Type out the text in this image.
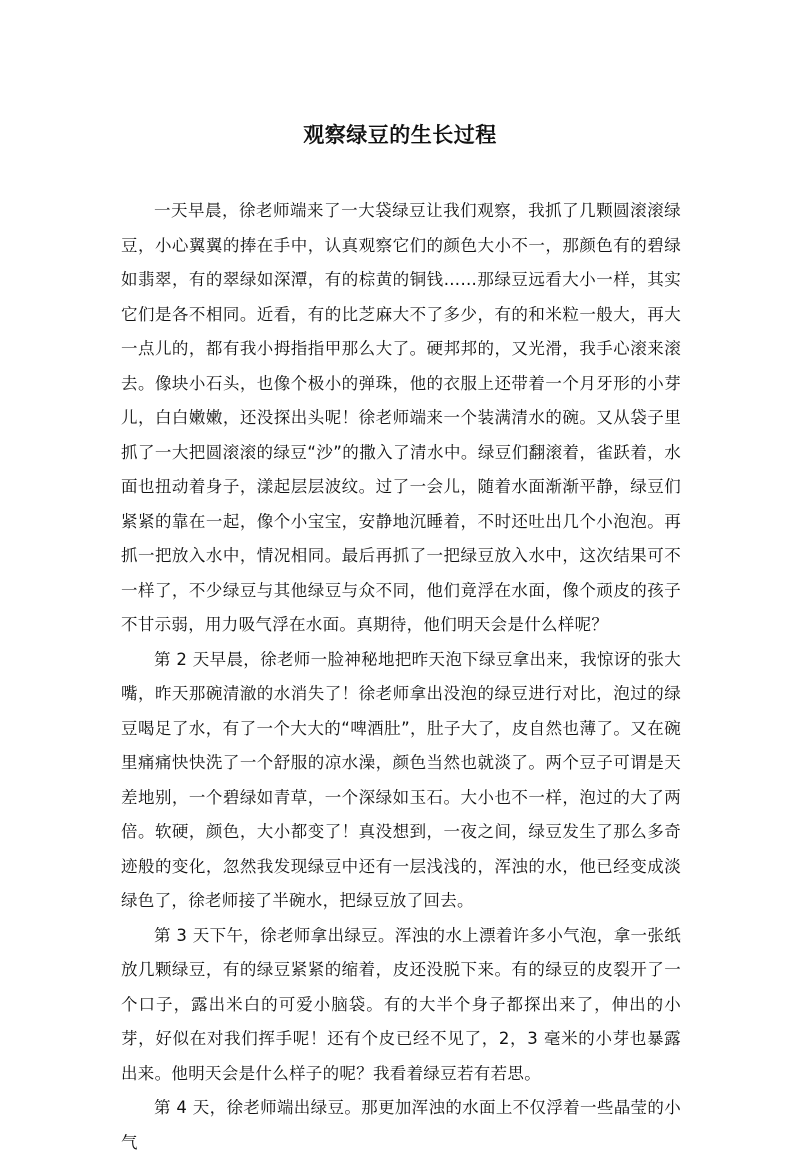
观察绿豆的生长过程

一天早晨，徐老师端来了一大袋绿豆让我们观察，我抓了几颗圆滚滚绿豆，小心翼翼的捧在手中，认真观察它们的颜色大小不一，那颜色有的碧绿如翡翠，有的翠绿如深潭，有的棕黄的铜钱……那绿豆远看大小一样，其实它们是各不相同。近看，有的比芝麻大不了多少，有的和米粒一般大，再大一点儿的，都有我小拇指指甲那么大了。硬邦邦的，又光滑，我手心滚来滚去。像块小石头，也像个极小的弹珠，他的衣服上还带着一个月牙形的小芽儿，白白嫩嫩，还没探出头呢！徐老师端来一个装满清水的碗。又从袋子里抓了一大把圆滚滚的绿豆“沙”的撒入了清水中。绿豆们翻滚着，雀跃着，水面也扭动着身子，漾起层层波纹。过了一会儿，随着水面渐渐平静，绿豆们紧紧的靠在一起，像个小宝宝，安静地沉睡着，不时还吐出几个小泡泡。再抓一把放入水中，情况相同。最后再抓了一把绿豆放入水中，这次结果可不一样了，不少绿豆与其他绿豆与众不同，他们竟浮在水面，像个顽皮的孩子不甘示弱，用力吸气浮在水面。真期待，他们明天会是什么样呢？

第 2 天早晨，徐老师一脸神秘地把昨天泡下绿豆拿出来，我惊讶的张大嘴，昨天那碗清澈的水消失了！徐老师拿出没泡的绿豆进行对比，泡过的绿豆喝足了水，有了一个大大的“啤酒肚”，肚子大了，皮自然也薄了。又在碗里痛痛快快洗了一个舒服的凉水澡，颜色当然也就淡了。两个豆子可谓是天差地别，一个碧绿如青草，一个深绿如玉石。大小也不一样，泡过的大了两倍。软硬，颜色，大小都变了！真没想到，一夜之间，绿豆发生了那么多奇迹般的变化，忽然我发现绿豆中还有一层浅浅的，浑浊的水，他已经变成淡绿色了，徐老师接了半碗水，把绿豆放了回去。

第 3 天下午，徐老师拿出绿豆。浑浊的水上漂着许多小气泡，拿一张纸放几颗绿豆，有的绿豆紧紧的缩着，皮还没脱下来。有的绿豆的皮裂开了一个口子，露出米白的可爱小脑袋。有的大半个身子都探出来了，伸出的小芽，好似在对我们挥手呢！还有个皮已经不见了，2，3 毫米的小芽也暴露出来。他明天会是什么样子的呢？我看着绿豆若有若思。

第 4 天，徐老师端出绿豆。那更加浑浊的水面上不仅浮着一些晶莹的小气
